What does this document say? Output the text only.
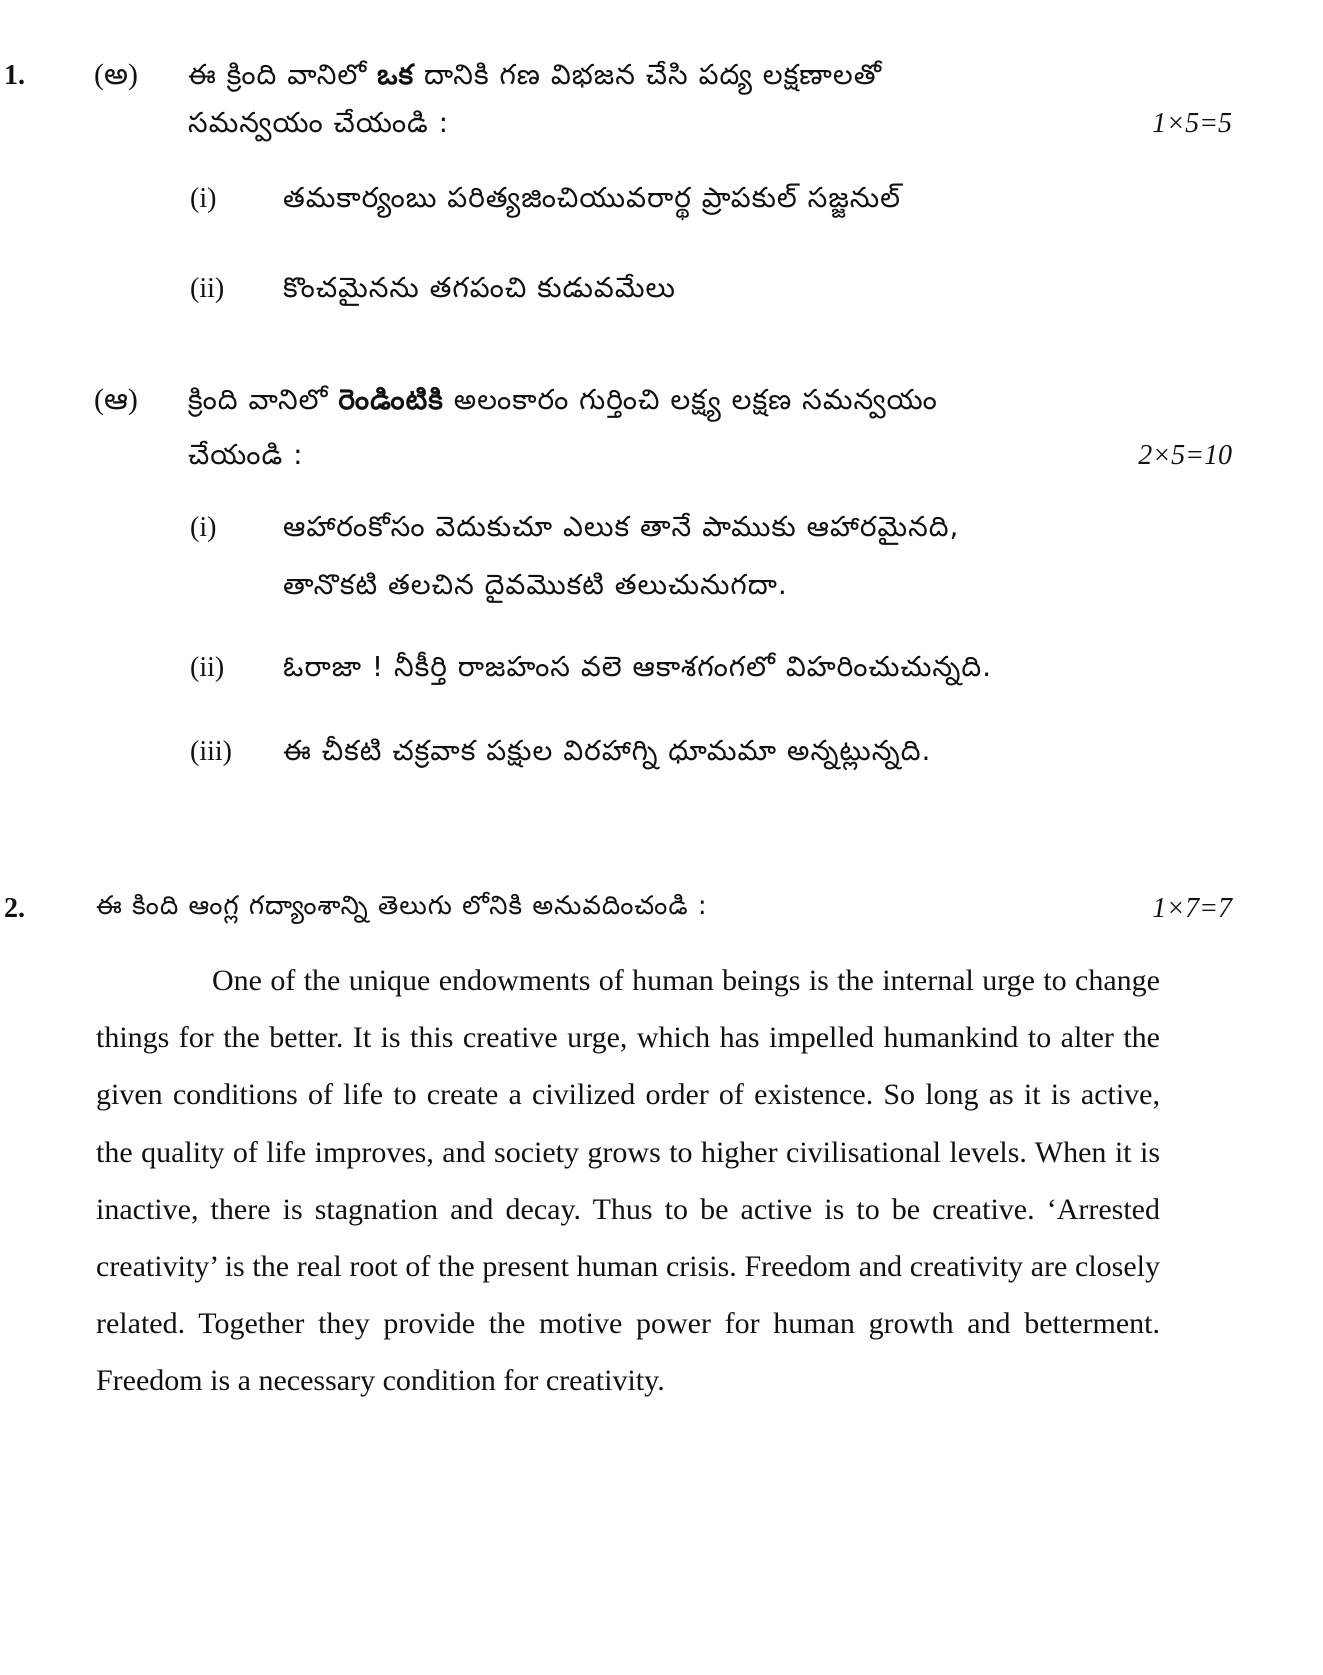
1. (అ) ఈ క్రింది వానిలో ఒక దానికి గణ విభజన చేసి పద్య లక్షణాలతో
సమన్వయం చేయండి :	1×5=5
(i) తమకార్యంబు పరిత్యజించియువరార్థ ప్రాపకుల్ సజ్జనుల్
(ii) కొంచమైనను తగపంచి కుడువమేలు
(ఆ) క్రింది వానిలో రెండింటికి అలంకారం గుర్తించి లక్ష్య లక్షణ సమన్వయం
చేయండి :	2×5=10
(i) ఆహారంకోసం వెదుకుచూ ఎలుక తానే పాముకు ఆహారమైనది,
తానొకటి తలచిన దైవమొకటి తలుచునుగదా.
(ii) ఓరాజా ! నీకీర్తి రాజహంస వలె ఆకాశగంగలో విహరించుచున్నది.
(iii) ఈ చీకటి చక్రవాక పక్షుల విరహాగ్ని ధూమమా అన్నట్లున్నది.
2.	ఈ కింది ఆంగ్ల గద్యాంశాన్ని తెలుగు లోనికి అనువదించండి :	1×7=7
One of the unique endowments of human beings is the internal urge to change things for the better. It is this creative urge, which has impelled humankind to alter the given conditions of life to create a civilized order of existence. So long as it is active, the quality of life improves, and society grows to higher civilisational levels. When it is inactive, there is stagnation and decay. Thus to be active is to be creative. ‘Arrested creativity’ is the real root of the present human crisis. Freedom and creativity are closely related. Together they provide the motive power for human growth and betterment. Freedom is a necessary condition for creativity.
